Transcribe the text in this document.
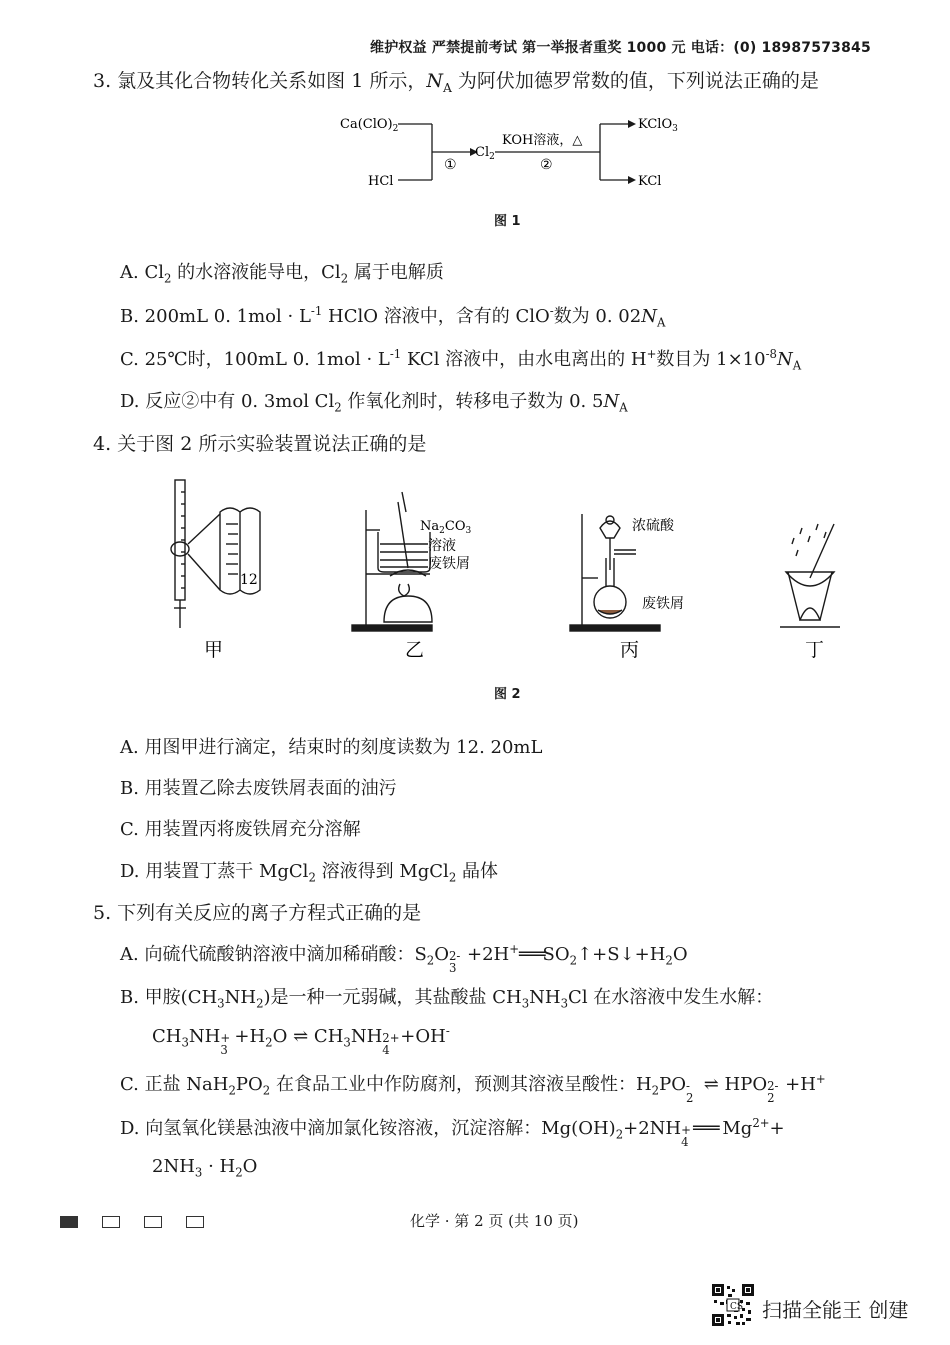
维护权益 严禁提前考试 第一举报者重奖 1000 元 电话：(0) 18987573845
3. 氯及其化合物转化关系如图 1 所示，$N_A$ 为阿伏加德罗常数的值，下列说法正确的是
$Ca(ClO)_2$
HCl
①
$Cl_2$
KOH溶液，△
②
KClO$_3$
KCl
图 1
A. $Cl_2$ 的水溶液能导电，$Cl_2$ 属于电解质
B. 200mL 0. $1mol \cdot L^{-1}$ HClO 溶液中，含有的 ClO-数为 0. $02N_A$
C. 25℃时，100mL 0. $1mol \cdot L^{-1}$ KCl 溶液中，由水电离出的 H+数目为 $1\times 10^{-8}N_A$
D. 反应②中有 0. 3mol $Cl_2$ 作氧化剂时，转移电子数为 0. $5N_A$
4. 关于图 2 所示实验装置说法正确的是
12
$Na_2CO_3$
溶液
废铁屑
浓硫酸
废铁屑
甲	乙	丙	丁
图 2
A. 用图甲进行滴定，结束时的刻度读数为 12. 20mL
B. 用装置乙除去废铁屑表面的油污
C. 用装置丙将废铁屑充分溶解
D. 用装置丁蒸干 MgCl$_2$ 溶液得到 MgCl$_2$ 晶体
5. 下列有关反应的离子方程式正确的是
A. 向硫代硫酸钠溶液中滴加稀硝酸：$S_2O$ 2-
3
$+2H^+═══SO_2↑+S↓+H_2O$
B. 甲胺$(CH_3NH_2)$是一种一元弱碱，其盐酸盐 $CH_3NH_3Cl$ 在水溶液中发生水解：
$CH_3NH$ +
3
$+H_2O$ ⇌ $CH_3NH$ 2+
4
+OH-
C. 正盐 $NaH_2PO_2$ 在食品工业中作防腐剂，预测其溶液呈酸性：$H_2PO$ -
2
⇌ HPO 2-
2
+H+
D. 向氢氧化镁悬浊液中滴加氯化铵溶液，沉淀溶解：$Mg(OH)_2+2NH$ +
4
═══ $Mg^{2+}+$
$2NH_3 \cdot H_2O$
化学 · 第 2 页 (共 10 页)
CS 扫描全能王 创建
